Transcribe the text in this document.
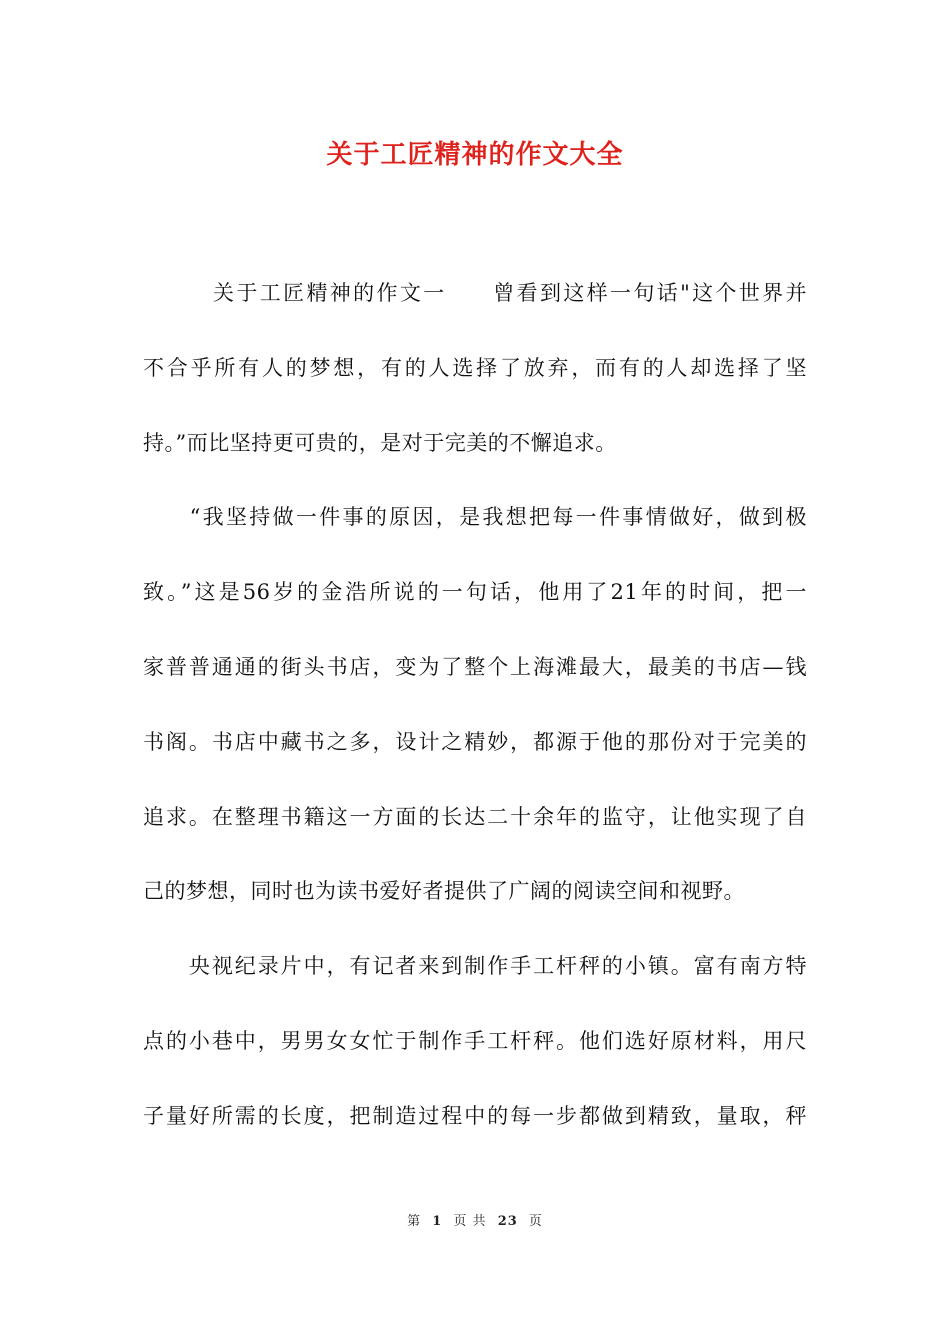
关于工匠精神的作文大全
　　　关于工匠精神的作文一　　曾看到这样一句话"这个世界并
不合乎所有人的梦想，有的人选择了放弃，而有的人却选择了坚
持。”而比坚持更可贵的，是对于完美的不懈追求。
　　“我坚持做一件事的原因，是我想把每一件事情做好，做到极
致。”这是56岁的金浩所说的一句话，他用了21年的时间，把一
家普普通通的街头书店，变为了整个上海滩最大，最美的书店—钱
书阁。书店中藏书之多，设计之精妙，都源于他的那份对于完美的
追求。在整理书籍这一方面的长达二十余年的监守，让他实现了自
己的梦想，同时也为读书爱好者提供了广阔的阅读空间和视野。
　　央视纪录片中，有记者来到制作手工杆秤的小镇。富有南方特
点的小巷中，男男女女忙于制作手工杆秤。他们选好原材料，用尺
子量好所需的长度，把制造过程中的每一步都做到精致，量取，秤
第 1 页 共 23 页
